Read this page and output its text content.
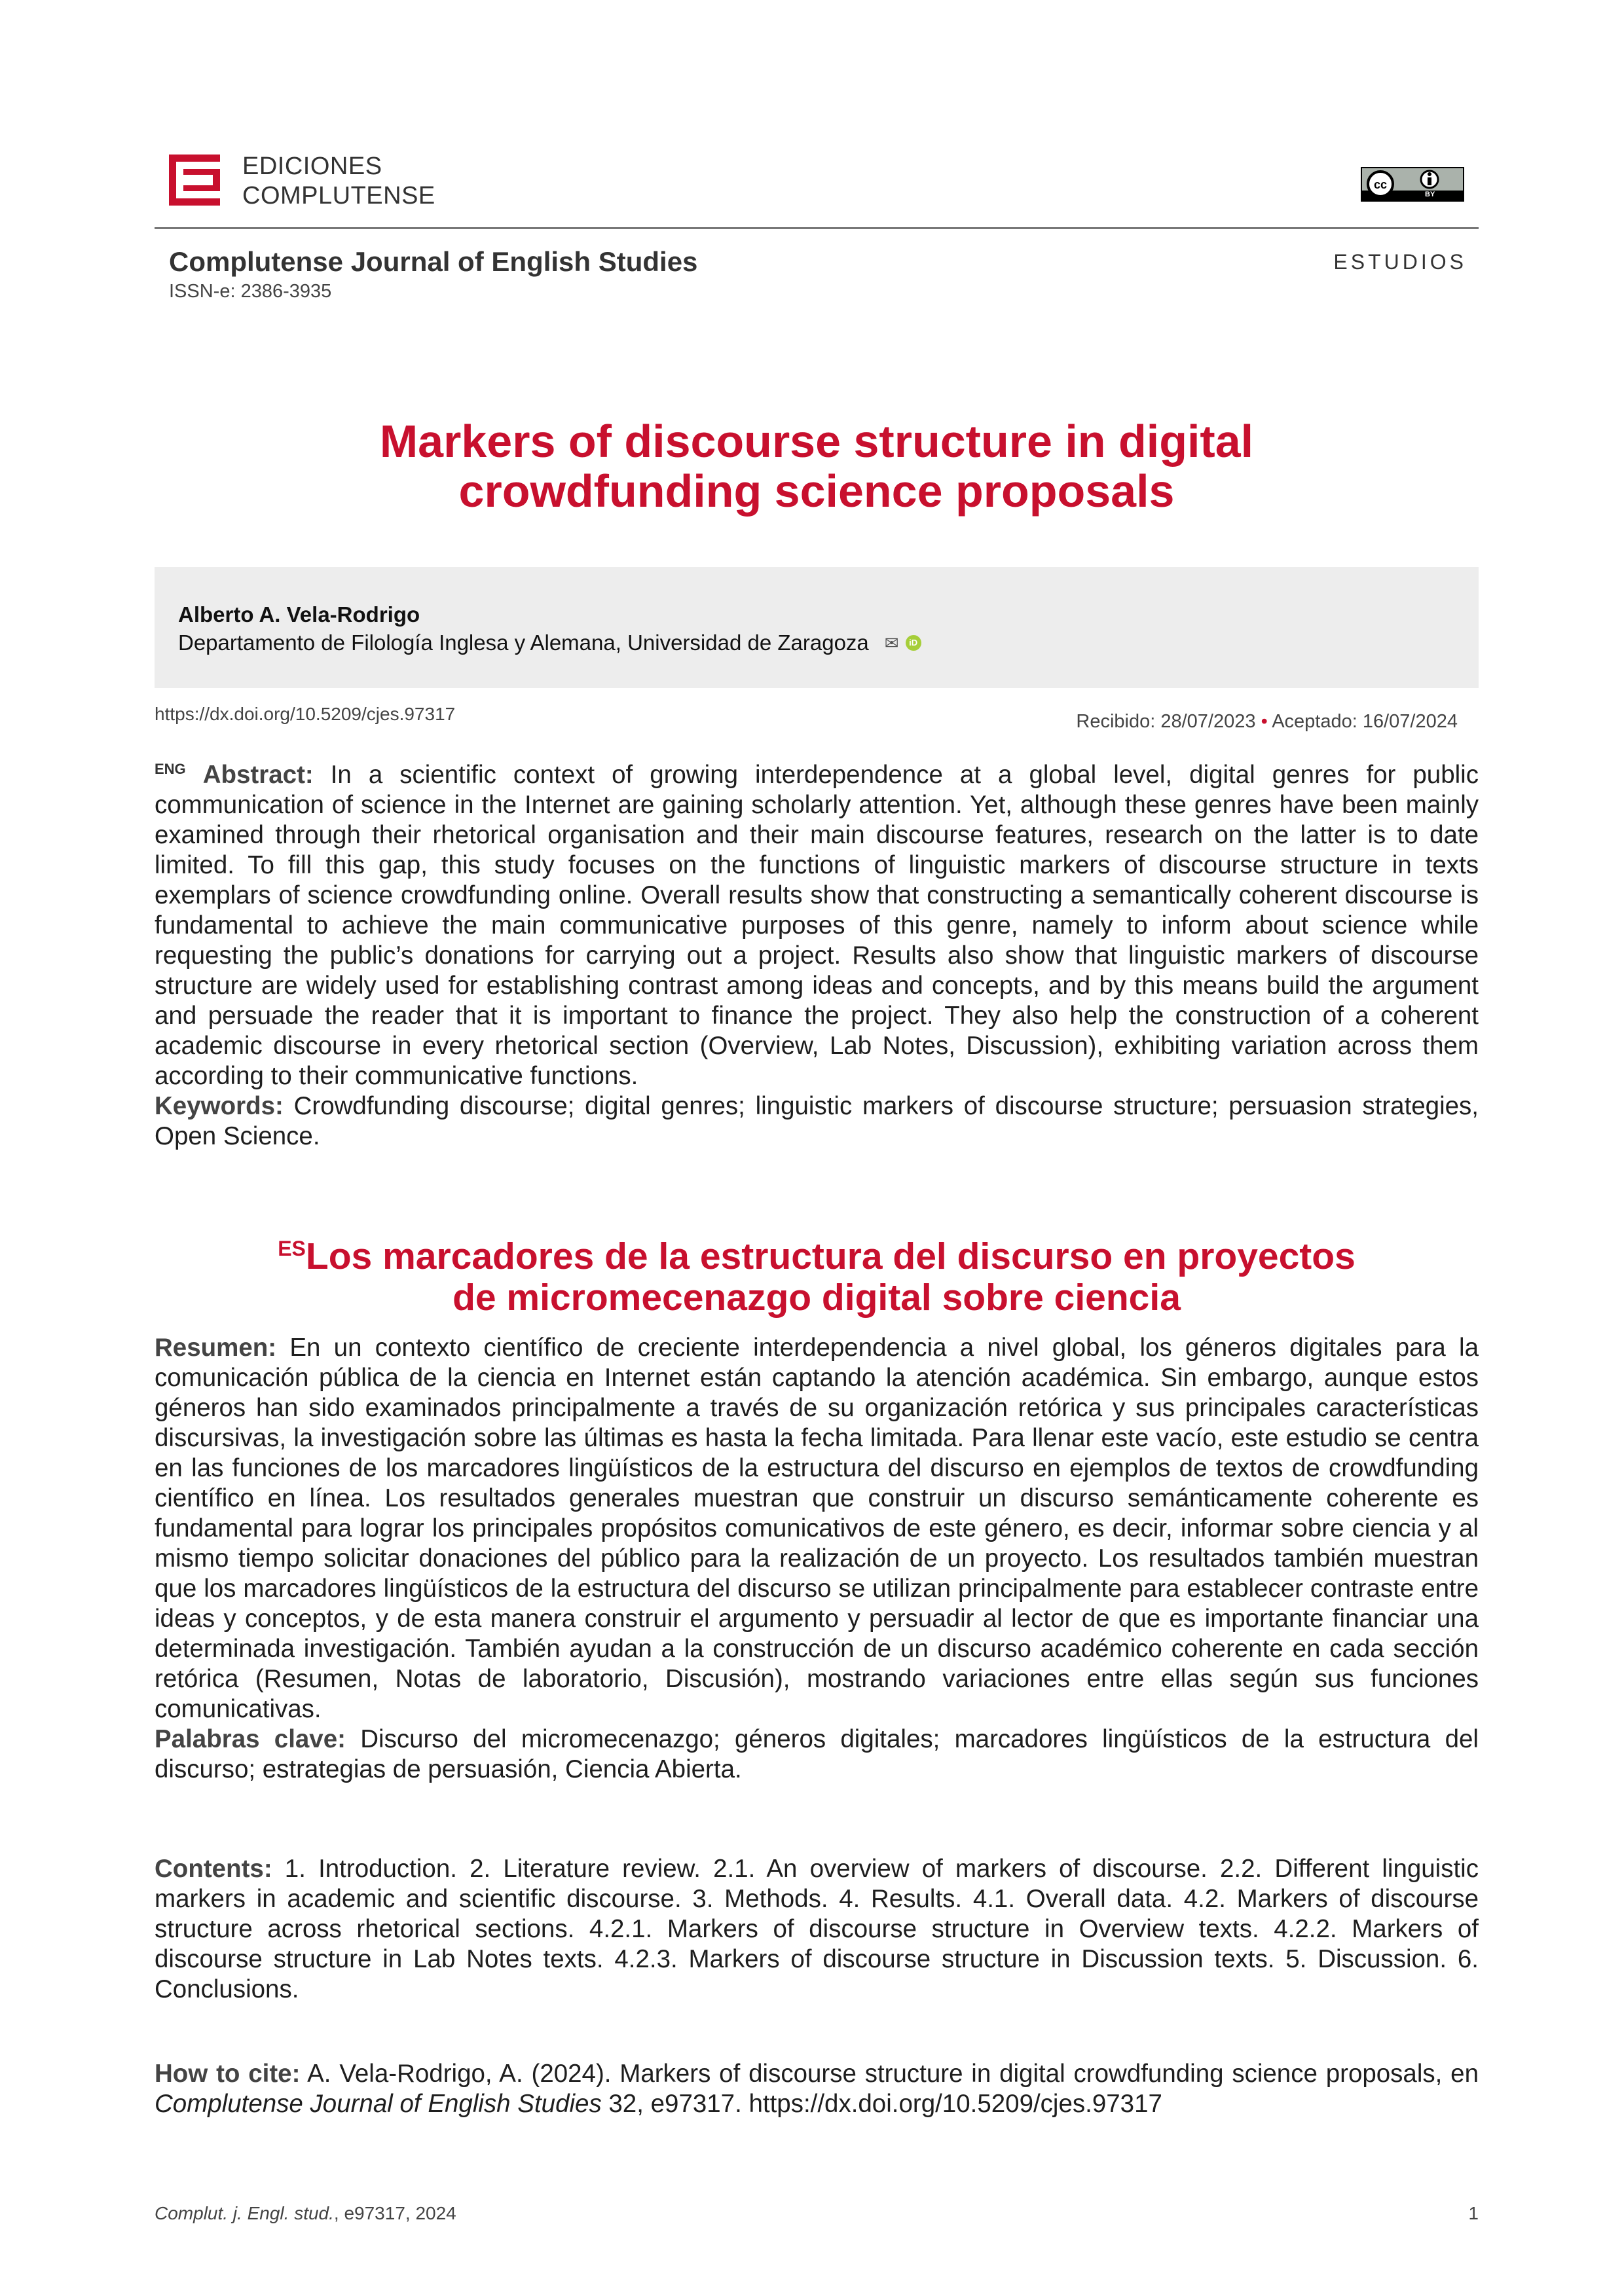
EDICIONES
COMPLUTENSE	cc
BY
Complutense Journal of English Studies
ISSN-e: 2386-3935
ESTUDIOS
Markers of discourse structure in digital
crowdfunding science proposals
Alberto A. Vela-Rodrigo
Departamento de Filología Inglesa y Alemana, Universidad de Zaragoza ✉	iD
https://dx.doi.org/10.5209/cjes.97317	Recibido: 28/07/2023 • Aceptado: 16/07/2024
$^{ENG}$ Abstract: In a scientific context of growing interdependence at a global level, digital genres for public communication of science in the Internet are gaining scholarly attention. Yet, although these genres have been mainly examined through their rhetorical organisation and their main discourse features, research on the latter is to date limited. To fill this gap, this study focuses on the functions of linguistic markers of discourse structure in texts exemplars of science crowdfunding online. Overall results show that constructing a semantically coherent discourse is fundamental to achieve the main communicative purposes of this genre, namely to inform about science while requesting the public’s donations for carrying out a project. Results also show that linguistic markers of discourse structure are widely used for establishing contrast among ideas and concepts, and by this means build the argument and persuade the reader that it is important to finance the project. They also help the construction of a coherent academic discourse in every rhetorical section (Overview, Lab Notes, Discussion), exhibiting variation across them according to their communicative functions.
Keywords: Crowdfunding discourse; digital genres; linguistic markers of discourse structure; persuasion strategies, Open Science.
$^{ES}$Los marcadores de la estructura del discurso en proyectos
de micromecenazgo digital sobre ciencia
Resumen: En un contexto científico de creciente interdependencia a nivel global, los géneros digitales para la comunicación pública de la ciencia en Internet están captando la atención académica. Sin embargo, aunque estos géneros han sido examinados principalmente a través de su organización retórica y sus principales características discursivas, la investigación sobre las últimas es hasta la fecha limitada. Para llenar este vacío, este estudio se centra en las funciones de los marcadores lingüísticos de la estructura del discurso en ejemplos de textos de crowdfunding científico en línea. Los resultados generales muestran que construir un discurso semánticamente coherente es fundamental para lograr los principales propósitos comunicativos de este género, es decir, informar sobre ciencia y al mismo tiempo solicitar donaciones del público para la realización de un proyecto. Los resultados también muestran que los marcadores lingüísticos de la estructura del discurso se utilizan principalmente para establecer contraste entre ideas y conceptos, y de esta manera construir el argumento y persuadir al lector de que es importante financiar una determinada investigación. También ayudan a la construcción de un discurso académico coherente en cada sección retórica (Resumen, Notas de laboratorio, Discusión), mostrando variaciones entre ellas según sus funciones comunicativas.
Palabras clave: Discurso del micromecenazgo; géneros digitales; marcadores lingüísticos de la estructura del discurso; estrategias de persuasión, Ciencia Abierta.
Contents: 1. Introduction. 2. Literature review. 2.1. An overview of markers of discourse. 2.2. Different linguistic markers in academic and scientific discourse. 3. Methods. 4. Results. 4.1. Overall data. 4.2. Markers of discourse structure across rhetorical sections. 4.2.1. Markers of discourse structure in Overview texts. 4.2.2. Markers of discourse structure in Lab Notes texts. 4.2.3. Markers of discourse structure in Discussion texts. 5. Discussion. 6. Conclusions.
How to cite: A. Vela-Rodrigo, A. (2024). Markers of discourse structure in digital crowdfunding science proposals, en Complutense Journal of English Studies 32, e97317. https://dx.doi.org/10.5209/cjes.97317
Complut. j. Engl. stud., e97317, 2024	1
